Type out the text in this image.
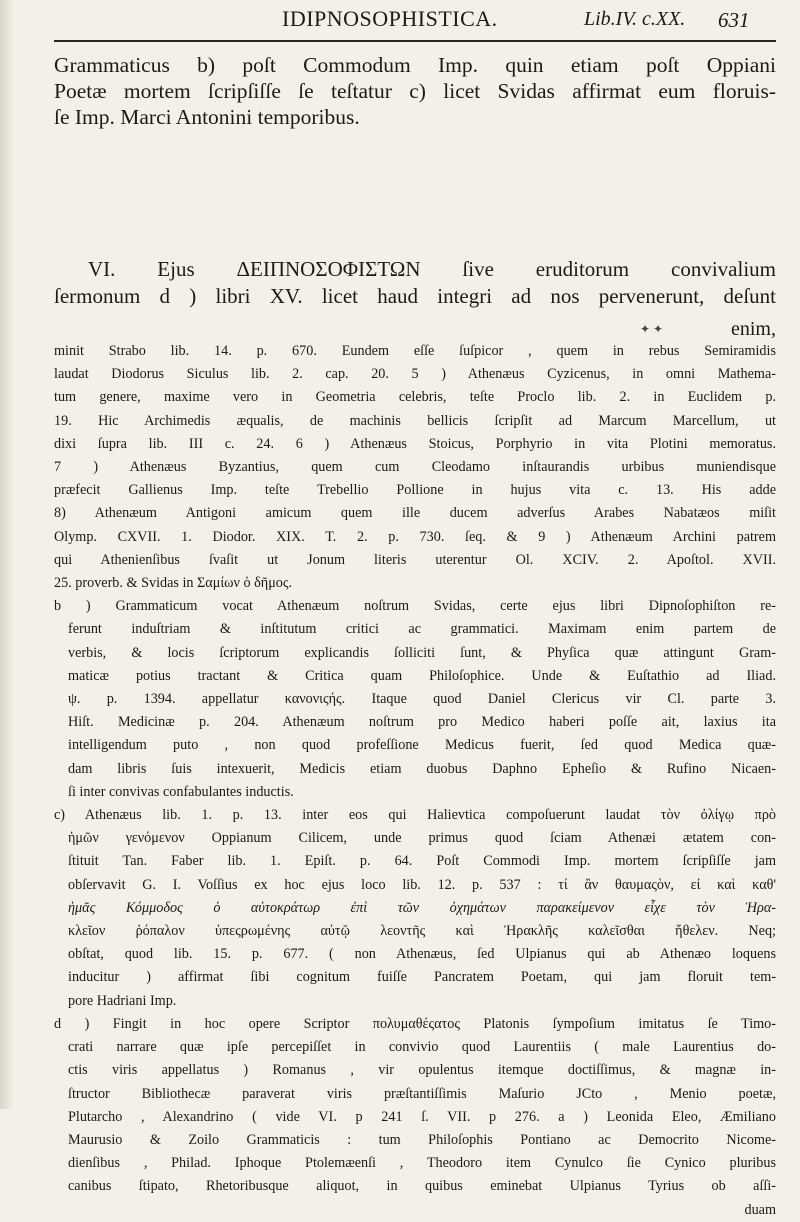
IDIPNOSOPHISTICA.	Lib.IV. c.XX. 631

Grammaticus b) poſt Commodum Imp. quin etiam poſt Oppiani
Poetæ mortem ſcripſiſſe ſe teſtatur c) licet Svidas affirmat eum floruis-
ſe Imp. Marci Antonini temporibus.

VI. Ejus ΔΕΙΠΝΟΣΟΦΙΣΤΩΝ ſive eruditorum convivalium
ſermonum d ) libri XV. licet haud integri ad nos pervenerunt, deſunt
✦ ✦	enim,
minit Strabo lib. 14. p. 670. Eundem eſſe ſuſpicor , quem in rebus Semiramidis
laudat Diodorus Siculus lib. 2. cap. 20. 5 ) Athenæus Cyzicenus, in omni Mathema-
tum genere, maxime vero in Geometria celebris, teſte Proclo lib. 2. in Euclidem p.
19. Hic Archimedis æqualis, de machinis bellicis ſcripſit ad Marcum Marcellum, ut
dixi ſupra lib. III c. 24. 6 ) Athenæus Stoicus, Porphyrio in vita Plotini memoratus.
7 ) Athenæus Byzantius, quem cum Cleodamo inſtaurandis urbibus muniendisque
præfecit Gallienus Imp. teſte Trebellio Pollione in hujus vita c. 13. His adde
8) Athenæum Antigoni amicum quem ille ducem adverſus Arabes Nabatæos miſit
Olymp. CXVII. 1. Diodor. XIX. T. 2. p. 730. ſeq. & 9 ) Athenæum Archini patrem
qui Athenienſibus ſvaſit ut Jonum literis uterentur Ol. XCIV. 2. Apoſtol. XVII.
25. proverb. & Svidas in Σαμίων ὁ δῆμος.
b ) Grammaticum vocat Athenæum noſtrum Svidas, certe ejus libri Dipnoſophiſton re-
ferunt induſtriam & inſtitutum critici ac grammatici. Maximam enim partem de
verbis, & locis ſcriptorum explicandis ſolliciti ſunt, & Phyſica quæ attingunt Gram-
maticæ potius tractant & Critica quam Philoſophice. Unde & Euſtathio ad Iliad.
ψ. p. 1394. appellatur κανονιςής. Itaque quod Daniel Clericus vir Cl. parte 3.
Hiſt. Medicinæ p. 204. Athenæum noſtrum pro Medico haberi poſſe ait, laxius ita
intelligendum puto , non quod profeſſione Medicus fuerit, ſed quod Medica quæ-
dam libris ſuis intexuerit, Medicis etiam duobus Daphno Epheſio & Rufino Nicaen-
ſi inter convivas confabulantes inductis.
c) Athenæus lib. 1. p. 13. inter eos qui Halievtica compoſuerunt laudat τὸν ὀλίγῳ πρὸ
ἡμῶν γενόμενον Oppianum Cilicem, unde primus quod ſciam Athenæi ætatem con-
ſtituit Tan. Faber lib. 1. Epiſt. p. 64. Poſt Commodi Imp. mortem ſcripſiſſe jam
obſervavit G. I. Voſſius ex hoc ejus loco lib. 12. p. 537 : τί ἂν θαυμαςὸν, εἰ καὶ καθ'
ἡμᾶς Κόμμοδος ὁ αὐτοκράτωρ ἐπὶ τῶν ὀχημάτων παρακείμενον εἶχε τὸν Ἡρα-
κλεῖον ῥόπαλον ὑπεςρωμένης αὐτῷ λεοντῆς καὶ Ἡρακλῆς καλεῖσθαι ἤθελεν. Neq;
obſtat, quod lib. 15. p. 677. ( non Athenæus, ſed Ulpianus qui ab Athenæo loquens
inducitur ) affirmat ſibi cognitum fuiſſe Pancratem Poetam, qui jam floruit tem-
pore Hadriani Imp.
d ) Fingit in hoc opere Scriptor πολυμαθέςατος Platonis ſympoſium imitatus ſe Timo-
crati narrare quæ ipſe percepiſſet in convivio quod Laurentiis ( male Laurentius do-
ctis viris appellatus ) Romanus , vir opulentus itemque doctiſſimus, & magnæ in-
ſtructor Bibliothecæ paraverat viris præſtantiſſimis Maſurio JCto , Menio poetæ,
Plutarcho , Alexandrino ( vide VI. p 241 ſ. VII. p 276. a ) Leonida Eleo, Æmiliano
Maurusio & Zoilo Grammaticis : tum Philoſophis Pontiano ac Democrito Nicome-
dienſibus , Philad. Iphoque Ptolemæenſi , Theodoro item Cynulco ſie Cynico pluribus
canibus ſtipato, Rhetoribusque aliquot, in quibus eminebat Ulpianus Tyrius ob aſſi-
duam
